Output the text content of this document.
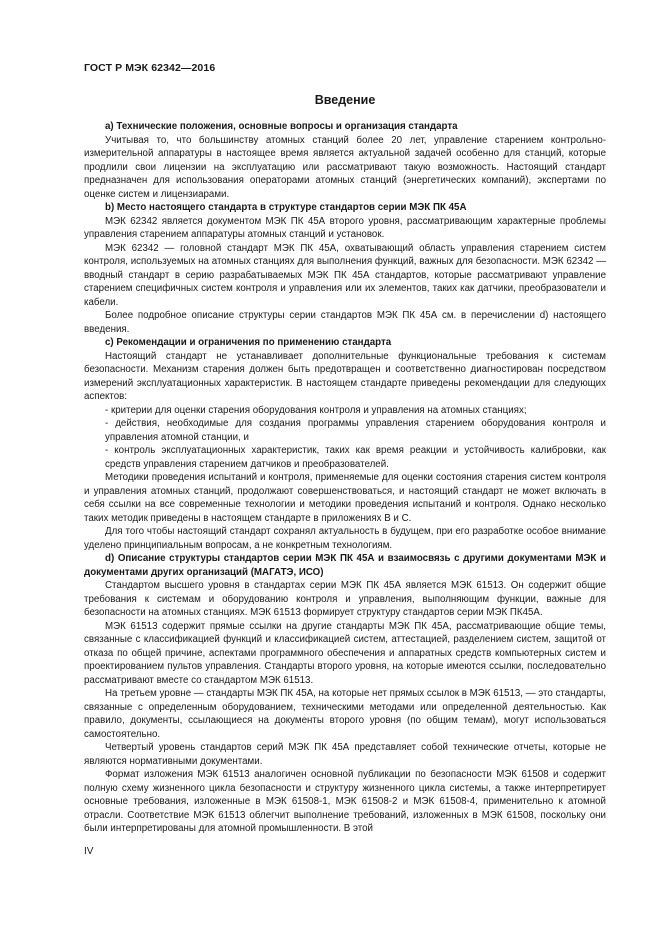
ГОСТ Р МЭК 62342—2016
Введение

а) Технические положения, основные вопросы и организация стандарта

Учитывая то, что большинству атомных станций более 20 лет, управление старением контрольно-измерительной аппаратуры в настоящее время является актуальной задачей особенно для станций, которые продлили свои лицензии на эксплуатацию или рассматривают такую возможность. Настоящий стандарт предназначен для использования операторами атомных станций (энергетических компаний), экспертами по оценке систем и лицензиарами.

b) Место настоящего стандарта в структуре стандартов серии МЭК ПК 45А

МЭК 62342 является документом МЭК ПК 45А второго уровня, рассматривающим характерные проблемы управления старением аппаратуры атомных станций и установок.

МЭК 62342 — головной стандарт МЭК ПК 45А, охватывающий область управления старением систем контроля, используемых на атомных станциях для выполнения функций, важных для безопасности. МЭК 62342 — вводный стандарт в серию разрабатываемых МЭК ПК 45А стандартов, которые рассматривают управление старением специфичных систем контроля и управления или их элементов, таких как датчики, преобразователи и кабели.

Более подробное описание структуры серии стандартов МЭК ПК 45А см. в перечислении d) настоящего введения.

с) Рекомендации и ограничения по применению стандарта

Настоящий стандарт не устанавливает дополнительные функциональные требования к системам безопасности. Механизм старения должен быть предотвращен и соответственно диагностирован посредством измерений эксплуатационных характеристик. В настоящем стандарте приведены рекомендации для следующих аспектов:

- критерии для оценки старения оборудования контроля и управления на атомных станциях;

- действия, необходимые для создания программы управления старением оборудования контроля и управления атомной станции, и

- контроль эксплуатационных характеристик, таких как время реакции и устойчивость калибровки, как средств управления старением датчиков и преобразователей.

Методики проведения испытаний и контроля, применяемые для оценки состояния старения систем контроля и управления атомных станций, продолжают совершенствоваться, и настоящий стандарт не может включать в себя ссылки на все современные технологии и методики проведения испытаний и контроля. Однако несколько таких методик приведены в настоящем стандарте в приложениях В и С.

Для того чтобы настоящий стандарт сохранял актуальность в будущем, при его разработке особое внимание уделено принципиальным вопросам, а не конкретным технологиям.

d) Описание структуры стандартов серии МЭК ПК 45А и взаимосвязь с другими документами МЭК и документами других организаций (МАГАТЭ, ИСО)

Стандартом высшего уровня в стандартах серии МЭК ПК 45А является МЭК 61513. Он содержит общие требования к системам и оборудованию контроля и управления, выполняющим функции, важные для безопасности на атомных станциях. МЭК 61513 формирует структуру стандартов серии МЭК ПК45А.

МЭК 61513 содержит прямые ссылки на другие стандарты МЭК ПК 45А, рассматривающие общие темы, связанные с классификацией функций и классификацией систем, аттестацией, разделением систем, защитой от отказа по общей причине, аспектами программного обеспечения и аппаратных средств компьютерных систем и проектированием пультов управления. Стандарты второго уровня, на которые имеются ссылки, последовательно рассматривают вместе со стандартом МЭК 61513.

На третьем уровне — стандарты МЭК ПК 45А, на которые нет прямых ссылок в МЭК 61513, — это стандарты, связанные с определенным оборудованием, техническими методами или определенной деятельностью. Как правило, документы, ссылающиеся на документы второго уровня (по общим темам), могут использоваться самостоятельно.

Четвертый уровень стандартов серий МЭК ПК 45А представляет собой технические отчеты, которые не являются нормативными документами.

Формат изложения МЭК 61513 аналогичен основной публикации по безопасности МЭК 61508 и содержит полную схему жизненного цикла безопасности и структуру жизненного цикла системы, а также интерпретирует основные требования, изложенные в МЭК 61508-1, МЭК 61508-2 и МЭК 61508-4, применительно к атомной отрасли. Соответствие МЭК 61513 облегчит выполнение требований, изложенных в МЭК 61508, поскольку они были интерпретированы для атомной промышленности. В этой

IV
